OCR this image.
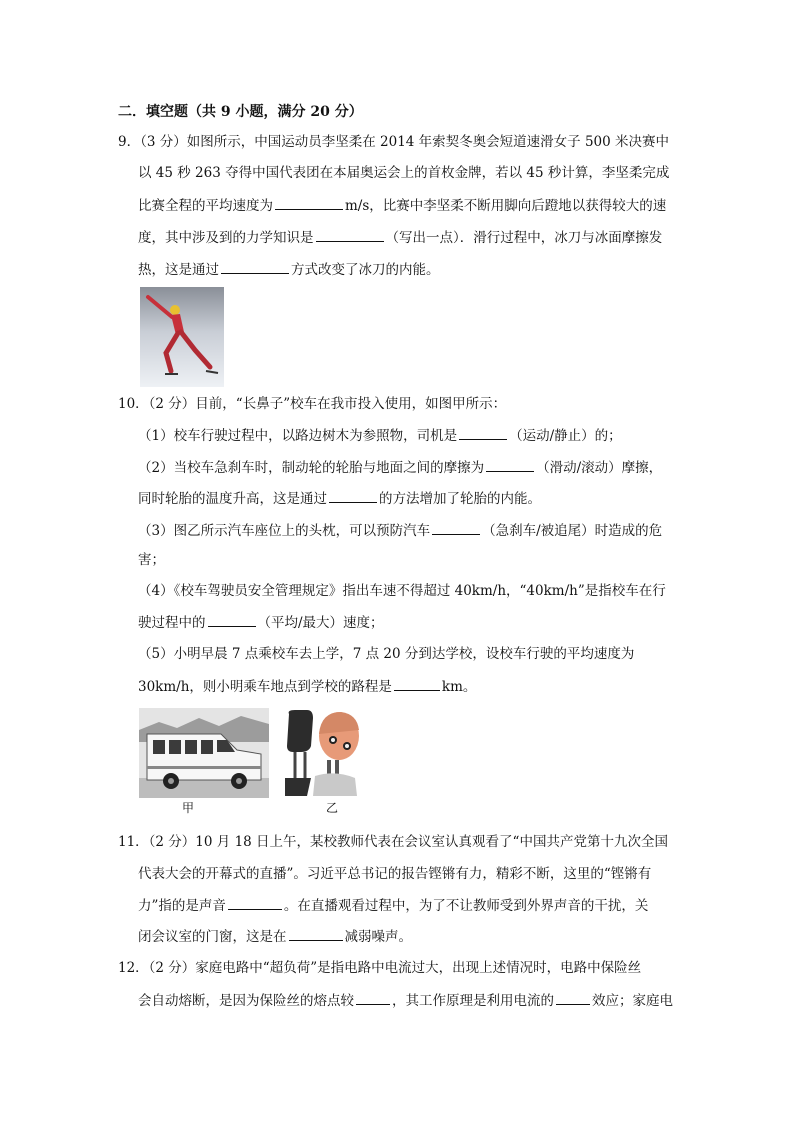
二．填空题（共 9 小题，满分 20 分）
9．（3 分）如图所示，中国运动员李坚柔在 2014 年索契冬奥会短道速滑女子 500 米决赛中
以 45 秒 263 夺得中国代表团在本届奥运会上的首枚金牌，若以 45 秒计算，李坚柔完成
比赛全程的平均速度为	m/s，比赛中李坚柔不断用脚向后蹬地以获得较大的速
度，其中涉及到的力学知识是	（写出一点）．滑行过程中，冰刀与冰面摩擦发
热，这是通过	方式改变了冰刀的内能。
10．（2 分）目前，“长鼻子”校车在我市投入使用，如图甲所示：
（1）校车行驶过程中，以路边树木为参照物，司机是	（运动/静止）的；
（2）当校车急刹车时，制动轮的轮胎与地面之间的摩擦为	（滑动/滚动）摩擦，
同时轮胎的温度升高，这是通过	的方法增加了轮胎的内能。
（3）图乙所示汽车座位上的头枕，可以预防汽车	（急刹车/被追尾）时造成的危
害；
（4）《校车驾驶员安全管理规定》指出车速不得超过 40km/h，“40km/h”是指校车在行
驶过程中的	（平均/最大）速度；
（5）小明早晨 7 点乘校车去上学，7 点 20 分到达学校，设校车行驶的平均速度为
30km/h，则小明乘车地点到学校的路程是	km。
甲	乙
11．（2 分）10 月 18 日上午，某校教师代表在会议室认真观看了“中国共产党第十九次全国
代表大会的开幕式的直播”。习近平总书记的报告铿锵有力，精彩不断，这里的“铿锵有
力”指的是声音	。在直播观看过程中，为了不让教师受到外界声音的干扰，关
闭会议室的门窗，这是在	减弱噪声。
12．（2 分）家庭电路中“超负荷”是指电路中电流过大，出现上述情况时，电路中保险丝
会自动熔断，是因为保险丝的熔点较	，其工作原理是利用电流的	效应；家庭电
